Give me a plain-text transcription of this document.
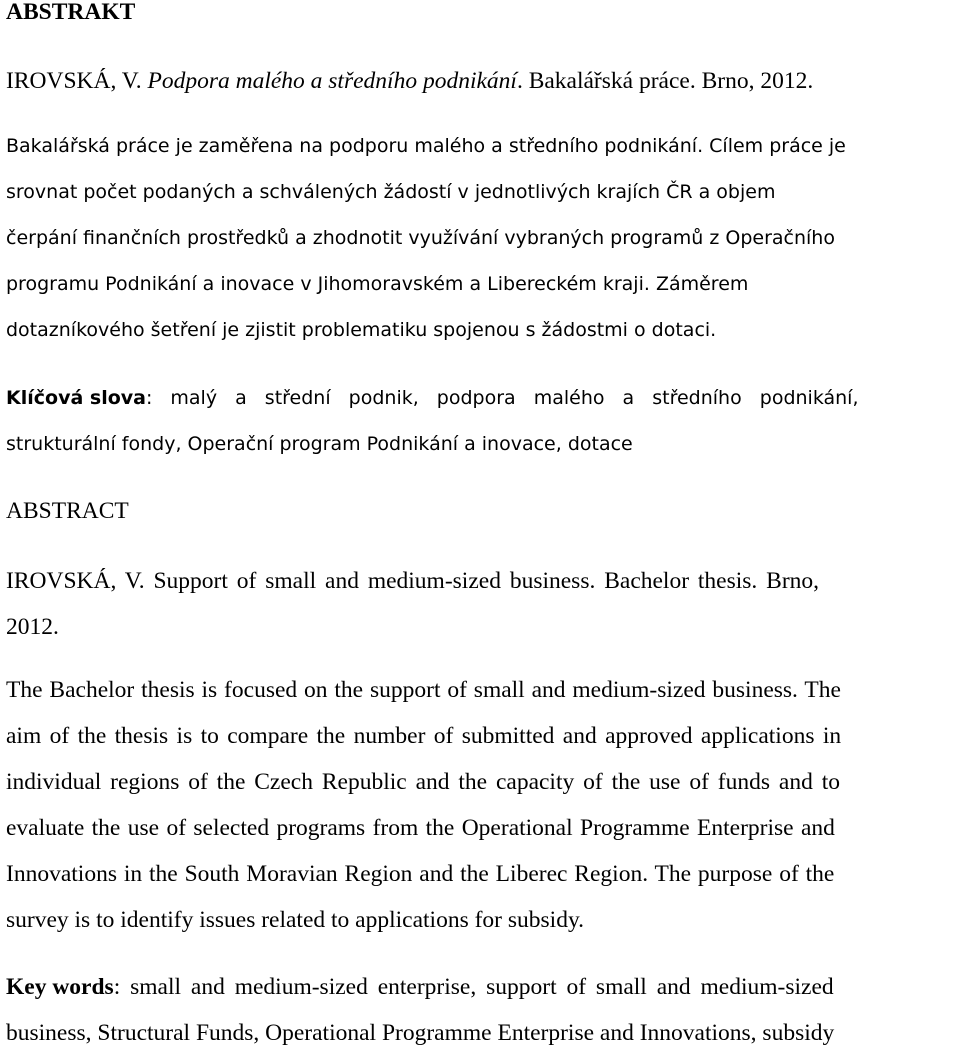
ABSTRAKT

IROVSKÁ, V. Podpora malého a středního podnikání . Bakalářská práce. Brno, 2012.
Bakalářská práce je zaměřena na podporu malého a středního podnikání. Cílem práce je
srovnat počet podaných a schválených žádostí v jednotlivých krajích ČR a objem
čerpání finančních prostředků a zhodnotit využívání vybraných programů z Operačního
programu Podnikání a inovace v Jihomoravském a Libereckém kraji. Záměrem
dotazníkového šetření je zjistit problematiku spojenou s žádostmi o dotaci.
Klíčová slova : malý a střední podnik, podpora malého a středního podnikání,
strukturální fondy, Operační program Podnikání a inovace, dotace
ABSTRACT
IROVSKÁ, V. Support of small and medium-sized business. Bachelor thesis. Brno,
2012.
The Bachelor thesis is focused on the support of small and medium-sized business. The
aim of the thesis is to compare the number of submitted and approved applications in
individual regions of the Czech Republic and the capacity of the use of funds and to
evaluate the use of selected programs from the Operational Programme Enterprise and
Innovations in the South Moravian Region and the Liberec Region. The purpose of the
survey is to identify issues related to applications for subsidy.
Key words : small and medium-sized enterprise, support of small and medium-sized
business, Structural Funds, Operational Programme Enterprise and Innovations, subsidy
